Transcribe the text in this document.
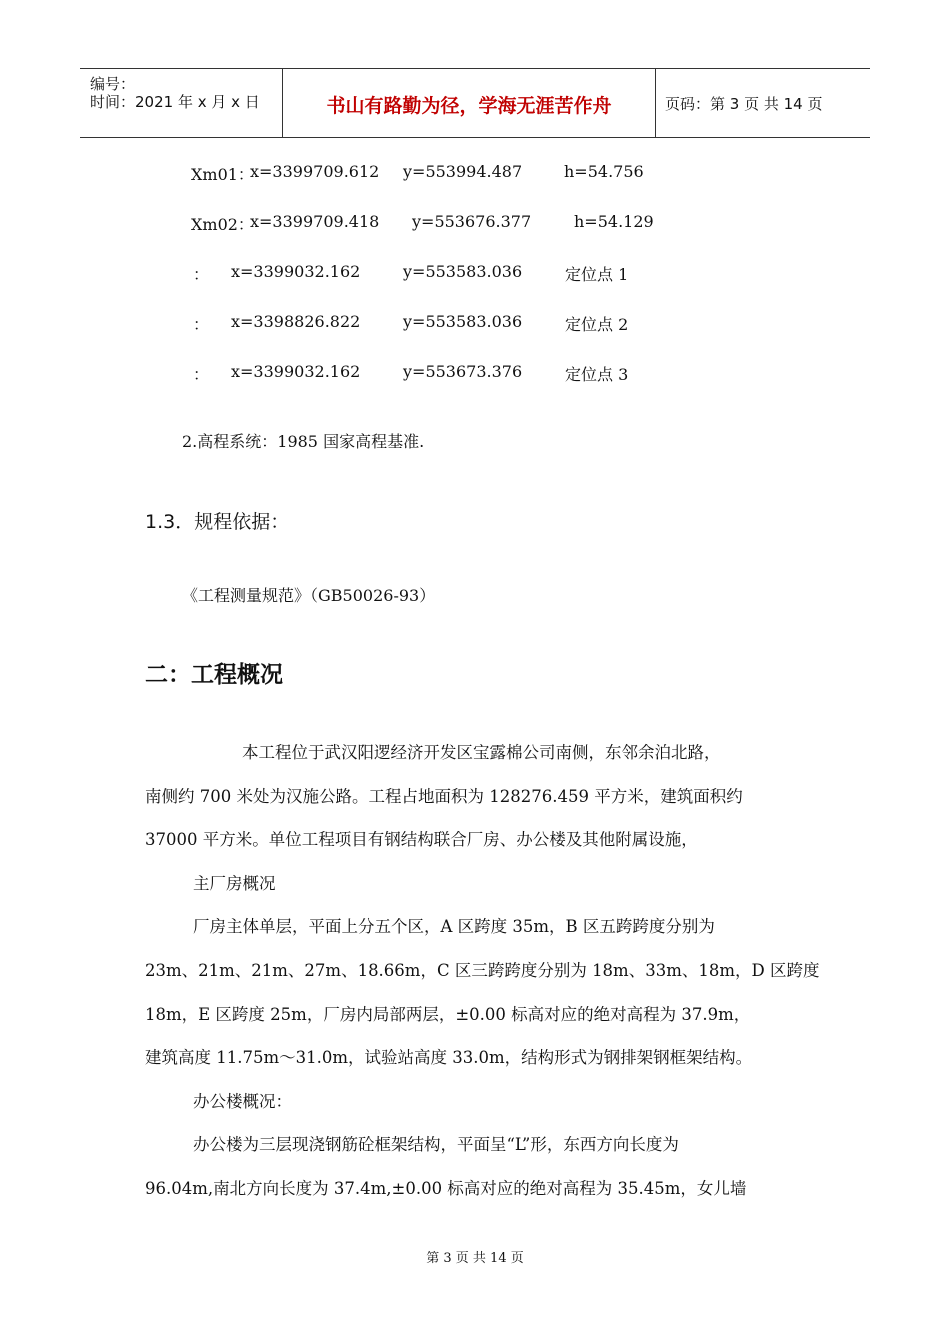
编号：
时间：2021 年 x 月 x 日	书山有路勤为径，学海无涯苦作舟	页码：第 3 页 共 14 页
Xm01：
x=3399709.612 y=553994.487	h=54.756
Xm02：
x=3399709.418 y=553676.377	h=54.129
： x=3399032.162	y=553583.036	定位点 1
： x=3398826.822	y=553583.036	定位点 2
： x=3399032.162	y=553673.376	定位点 3
2.高程系统：1985 国家高程基准.
1.3．规程依据：
《工程测量规范》（GB50026-93）
二：工程概况
本工程位于武汉阳逻经济开发区宝露棉公司南侧，东邻余泊北路，
南侧约 700 米处为汉施公路。工程占地面积为 128276.459 平方米，建筑面积约
37000 平方米。单位工程项目有钢结构联合厂房、办公楼及其他附属设施，
主厂房概况
厂房主体单层，平面上分五个区，A 区跨度 35m，B 区五跨跨度分别为
23m、21m、21m、27m、18.66m，C 区三跨跨度分别为 18m、33m、18m，D 区跨度
18m，E 区跨度 25m，厂房内局部两层，±0.00 标高对应的绝对高程为 37.9m，
建筑高度 11.75m～31.0m，试验站高度 33.0m，结构形式为钢排架钢框架结构。
办公楼概况：
办公楼为三层现浇钢筋砼框架结构，平面呈“L”形，东西方向长度为
96.04m,南北方向长度为 37.4m,±0.00 标高对应的绝对高程为 35.45m，女儿墙
第 3 页 共 14 页
